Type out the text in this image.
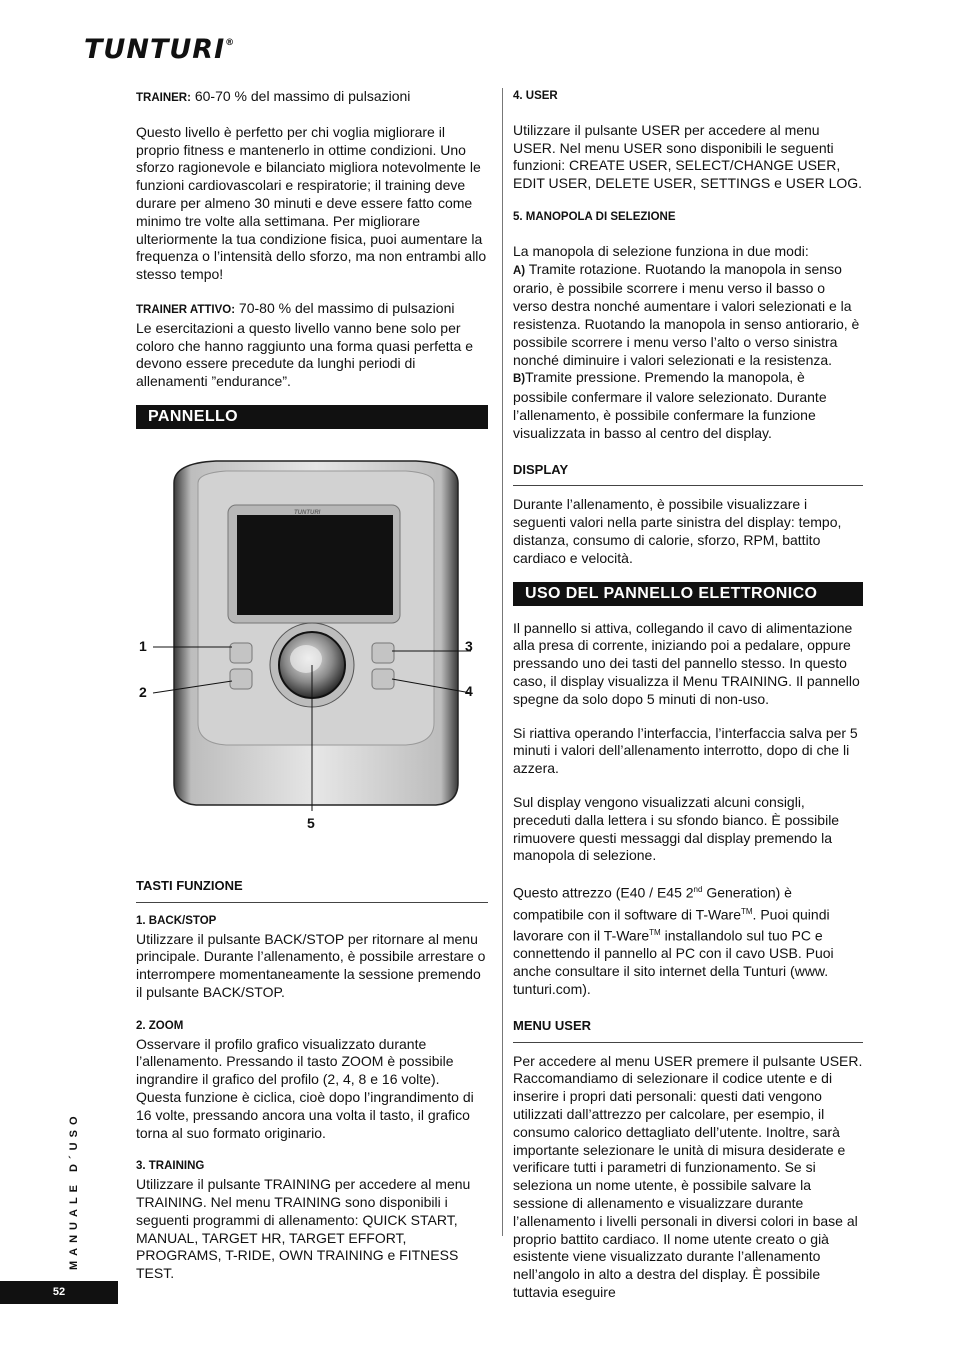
TUNTURI®

TRAINER: 60-70 % del massimo di pulsazioni

Questo livello è perfetto per chi voglia migliorare il proprio fitness e mantenerlo in ottime condizioni. Uno sforzo ragionevole e bilanciato migliora notevolmente le funzioni cardiovascolari e respiratorie; il training deve durare per almeno 30 minuti e deve essere fatto come minimo tre volte alla settimana. Per migliorare ulteriormente la tua condizione fisica, puoi aumentare la frequenza o l’intensità dello sforzo, ma non entrambi allo stesso tempo!

TRAINER ATTIVO: 70-80 % del massimo di pulsazioni

Le esercitazioni a questo livello vanno bene solo per coloro che hanno raggiunto una forma quasi perfetta e devono essere precedute da lunghi periodi di allenamenti ”endurance”.

PANNELLO
TUNTURI
1
2
3
4
5
TASTI FUNZIONE

1. BACK/STOP

Utilizzare il pulsante BACK/STOP per ritornare al menu principale. Durante l’allenamento, è possibile arrestare o interrompere momentaneamente la sessione premendo il pulsante BACK/STOP.

2. ZOOM

Osservare il profilo grafico visualizzato durante l’allenamento. Pressando il tasto ZOOM è possibile ingrandire il grafico del profilo (2, 4, 8 e 16 volte). Questa funzione è ciclica, cioè dopo l’ingrandimento di 16 volte, pressando ancora una volta il tasto, il grafico torna al suo formato originario.

3. TRAINING

Utilizzare il pulsante TRAINING per accedere al menu TRAINING. Nel menu TRAINING sono disponibili i seguenti programmi di allenamento: QUICK START, MANUAL, TARGET HR, TARGET EFFORT, PROGRAMS, T-RIDE, OWN TRAINING e FITNESS TEST.

4. USER

Utilizzare il pulsante USER per accedere al menu USER. Nel menu USER sono disponibili le seguenti funzioni: CREATE USER, SELECT/CHANGE USER, EDIT USER, DELETE USER, SETTINGS e USER LOG.

5. MANOPOLA DI SELEZIONE

La manopola di selezione funziona in due modi:

A) Tramite rotazione. Ruotando la manopola in senso orario, è possibile scorrere i menu verso il basso o verso destra nonché aumentare i valori selezionati e la resistenza. Ruotando la manopola in senso antiorario, è possibile scorrere i menu verso l’alto o verso sinistra nonché diminuire i valori selezionati e la resistenza.

B)Tramite pressione. Premendo la manopola, è possibile confermare il valore selezionato. Durante l’allenamento, è possibile confermare la funzione visualizzata in basso al centro del display.

DISPLAY

Durante l’allenamento, è possibile visualizzare i seguenti valori nella parte sinistra del display: tempo, distanza, consumo di calorie, sforzo, RPM, battito cardiaco e velocità.

USO DEL PANNELLO ELETTRONICO

Il pannello si attiva, collegando il cavo di alimentazione alla presa di corrente, iniziando poi a pedalare, oppure pressando uno dei tasti del pannello stesso. In questo caso, il display visualizza il Menu TRAINING. Il pannello spegne da solo dopo 5 minuti di non-uso.

Si riattiva operando l’interfaccia, l’interfaccia salva per 5 minuti i valori dell’allenamento interrotto, dopo di che li azzera.

Sul display vengono visualizzati alcuni consigli, preceduti dalla lettera i su sfondo bianco. È possibile rimuovere questi messaggi dal display premendo la manopola di selezione.

Questo attrezzo (E40 / E45 2nd Generation) è compatibile con il software di T-Ware™. Puoi quindi lavorare con il T-Ware™ installandolo sul tuo PC e connettendo il pannello al PC con il cavo USB. Puoi anche consultare il sito internet della Tunturi (www. tunturi.com).

MENU USER

Per accedere al menu USER premere il pulsante USER. Raccomandiamo di selezionare il codice utente e di inserire i propri dati personali: questi dati vengono utilizzati dall’attrezzo per calcolare, per esempio, il consumo calorico dettagliato dell’utente. Inoltre, sarà importante selezionare le unità di misura desiderate e verificare tutti i parametri di funzionamento. Se si seleziona un nome utente, è possibile salvare la sessione di allenamento e visualizzare durante l’allenamento i livelli personali in diversi colori in base al proprio battito cardiaco. Il nome utente creato o già esistente viene visualizzato durante l’allenamento nell’angolo in alto a destra del display. È possibile tuttavia eseguire

MANUALE D´USO
52
